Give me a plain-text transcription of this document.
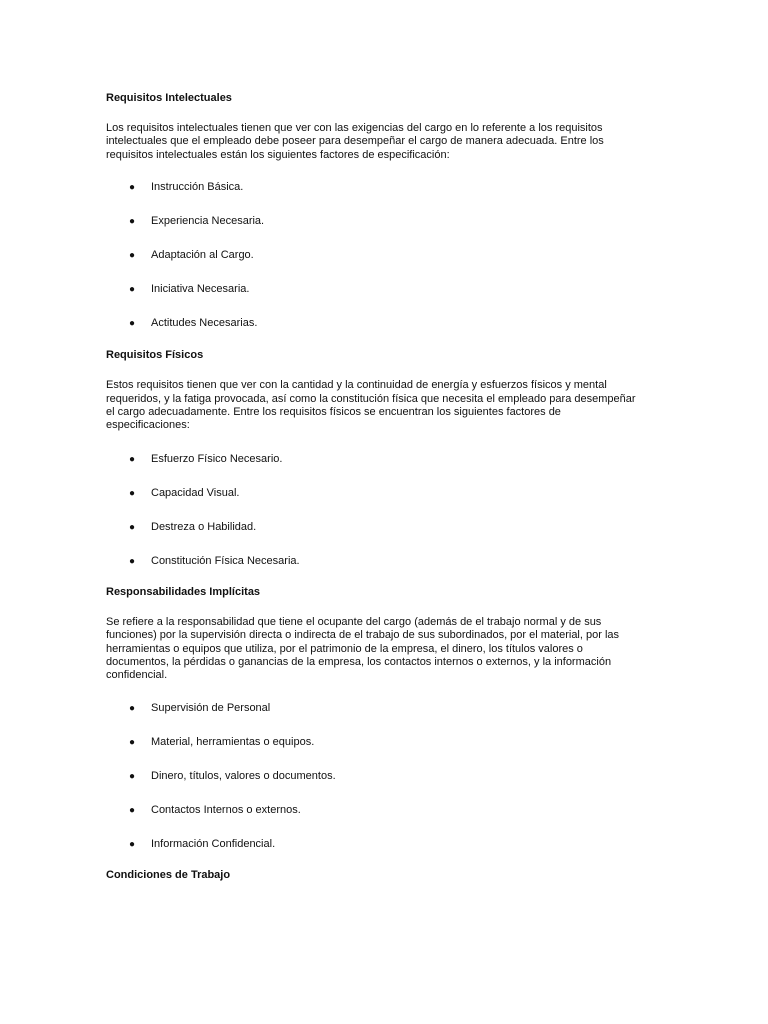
Requisitos Intelectuales

Los requisitos intelectuales tienen que ver con las exigencias del cargo en lo referente a los requisitos
intelectuales que el empleado debe poseer para desempeñar el cargo de manera adecuada. Entre los
requisitos intelectuales están los siguientes factores de especificación:

● Instrucción Básica.
● Experiencia Necesaria.
● Adaptación al Cargo.
● Iniciativa Necesaria.
● Actitudes Necesarias.

Requisitos Físicos

Estos requisitos tienen que ver con la cantidad y la continuidad de energía y esfuerzos físicos y mental
requeridos, y la fatiga provocada, así como la constitución física que necesita el empleado para desempeñar
el cargo adecuadamente. Entre los requisitos físicos se encuentran los siguientes factores de
especificaciones:

● Esfuerzo Físico Necesario.
● Capacidad Visual.
● Destreza o Habilidad.
● Constitución Física Necesaria.

Responsabilidades Implícitas

Se refiere a la responsabilidad que tiene el ocupante del cargo (además de el trabajo normal y de sus
funciones) por la supervisión directa o indirecta de el trabajo de sus subordinados, por el material, por las
herramientas o equipos que utiliza, por el patrimonio de la empresa, el dinero, los títulos valores o
documentos, la pérdidas o ganancias de la empresa, los contactos internos o externos, y la información
confidencial.

● Supervisión de Personal
● Material, herramientas o equipos.
● Dinero, títulos, valores o documentos.
● Contactos Internos o externos.
● Información Confidencial.

Condiciones de Trabajo
